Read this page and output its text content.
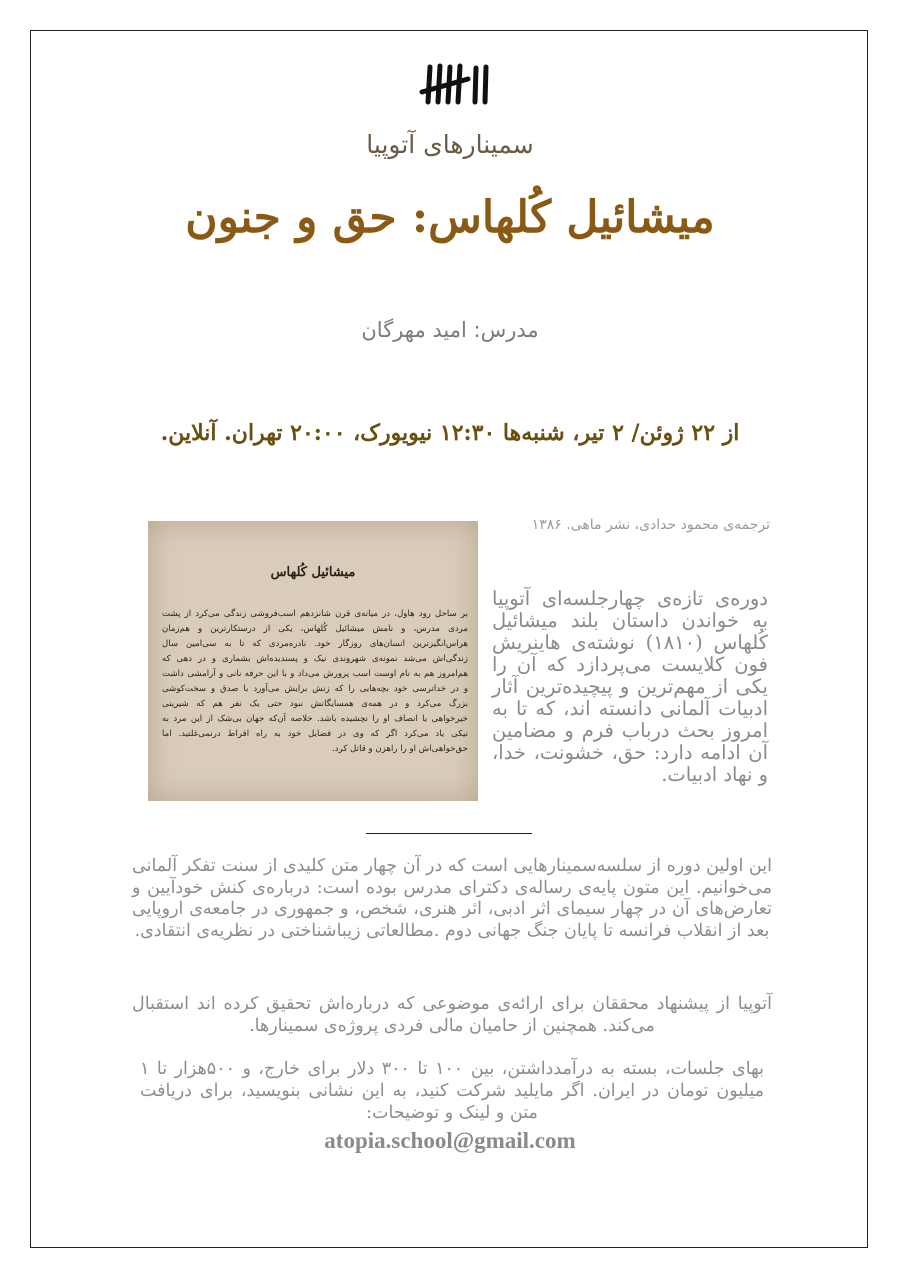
سمینارهای آتوپیا
میشائیل کُلهاس: حق و جنون
مدرس: امید مهرگان
از ۲۲ ژوئن/ ۲ تیر، شنبه‌ها ۱۲:۳۰ نیویورک، ۲۰:۰۰ تهران. آنلاین.
میشائیل کُلهاس
بر ساحل رود هاول، در میانه‌ی قرن شانزدهم اسب‌فروشی زندگی می‌کرد از پشت
مردی مدرس، و نامش میشائیل کُلهاس، یکی از درستکارترین و هم‌زمان
هراس‌انگیزترین انسان‌های روزگار خود. نادره‌مردی که تا به سی‌امین سال
زندگی‌اش می‌شد نمونه‌ی شهروندی نیک و پسندیده‌اش بشماری و در دهی که
هم‌امروز هم به نام اوست اسب پرورش می‌داد و با این حرفه نانی و آرامشی داشت
و در خداترسی خود بچه‌هایی را که زنش برایش می‌آورد با صدق و سخت‌کوشی
بزرگ می‌کرد و در همه‌ی همسایگانش نبود حتی یک نفر هم که شیرینی
خیرخواهی یا انصاف او را نچشیده باشد. خلاصه آن‌که جهان بی‌شک از این مرد به
نیکی یاد می‌کرد اگر که وی در فضایل خود به راه افراط درنمی‌غلتید. اما
حق‌خواهی‌اش او را راهزن و قاتل کرد.
ترجمه‌ی محمود حدادی، نشر ماهی. ۱۳۸۶
دوره‌ی تازه‌ی چهارجلسه‌ای آتوپیا به خواندن داستان بلند میشائیل کُلهاس (۱۸۱۰) نوشته‌ی هاینریش فون کلایست می‌پردازد که آن را یکی از مهم‌ترین و پیچیده‌ترین آثار ادبیات آلمانی دانسته اند، که تا به امروز بحث درباب فرم و مضامین آن ادامه دارد: حق، خشونت، خدا، و نهاد ادبیات.
این اولین دوره از سلسه‌سمینارهایی است که در آن چهار متن کلیدی از سنت تفکر آلمانی می‌خوانیم. این متون پایه‌ی رساله‌ی دکترای مدرس بوده است: درباره‌ی کنش خودآیین و تعارض‌های آن در چهار سیمای اثر ادبی، اثر هنری، شخص، و جمهوری در جامعه‌ی اروپایی بعد از انقلاب فرانسه تا پایان جنگ جهانی دوم .مطالعاتی زیباشناختی در نظریه‌ی انتقادی.
آتوپیا از پیشنهاد محققان برای ارائه‌ی موضوعی که درباره‌اش تحقیق کرده اند استقبال می‌کند. همچنین از حامیان مالی فردی پروژه‌ی سمینارها.
بهای جلسات، بسته به درآمدداشتن، بین ۱۰۰ تا ۳۰۰ دلار برای خارج، و ۵۰۰هزار تا ۱ میلیون تومان در ایران. اگر مایلید شرکت کنید، به این نشانی بنویسید، برای دریافت متن و لینک و توضیحات:
atopia.school@gmail.com
